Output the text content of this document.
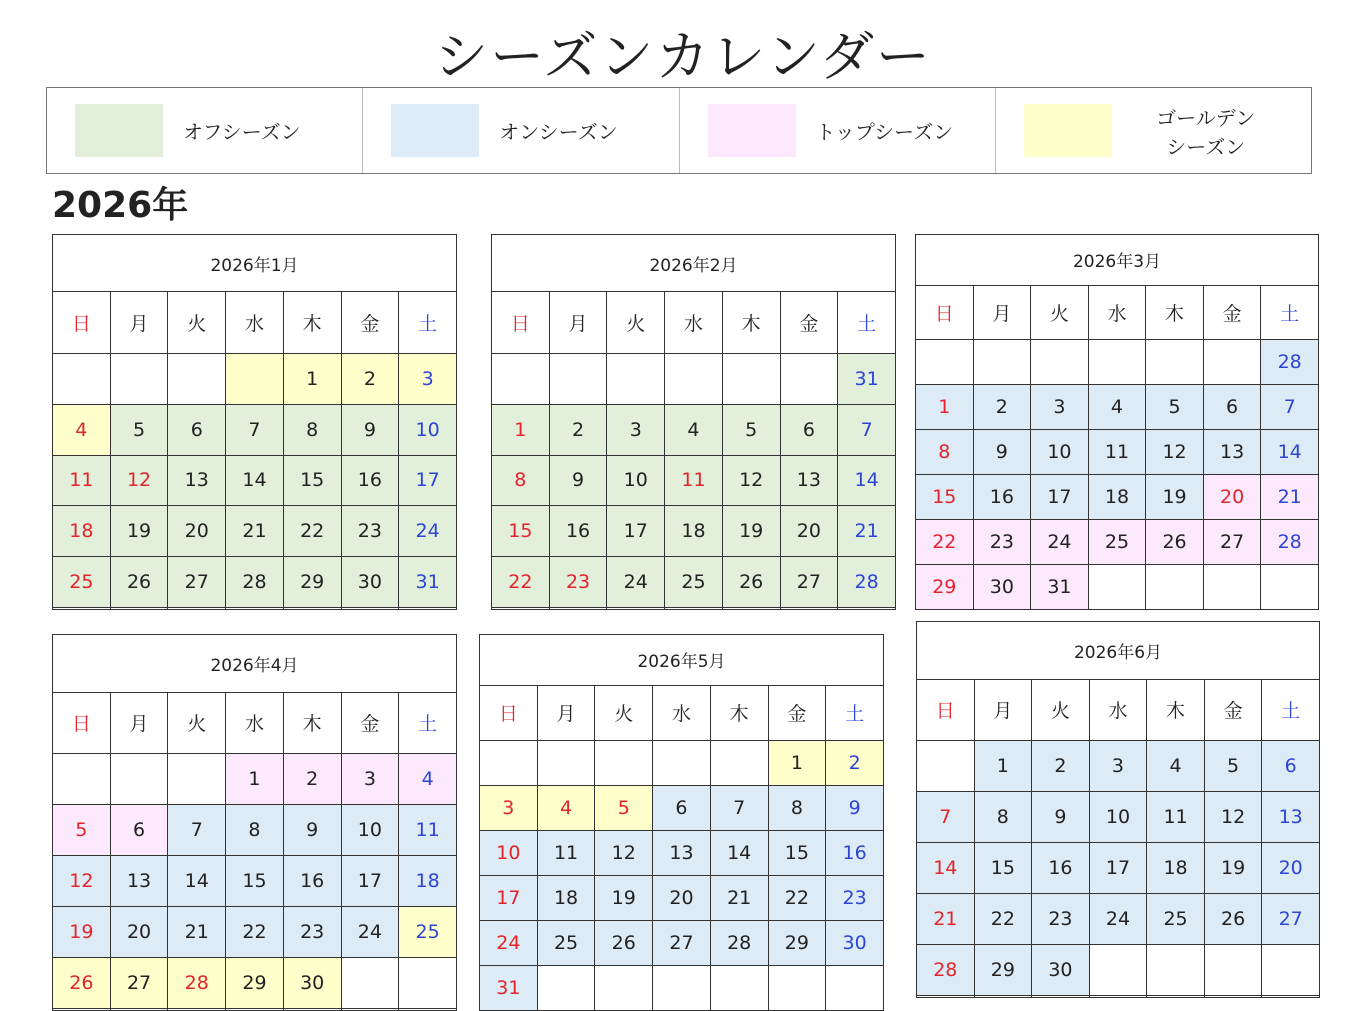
シーズンカレンダー
オフシーズン	オンシーズン	トップシーズン
ゴールデン
シーズン
2026年
2026年1月						
日	月	火	水	木	金	土
				1	2	3
4	5	6	7	8	9	10
11	12	13	14	15	16	17
18	19	20	21	22	23	24
25	26	27	28	29	30	31

2026年2月						
日	月	火	水	木	金	土
						31
1	2	3	4	5	6	7
8	9	10	11	12	13	14
15	16	17	18	19	20	21
22	23	24	25	26	27	28

2026年3月						
日	月	火	水	木	金	土
						28
1	2	3	4	5	6	7
8	9	10	11	12	13	14
15	16	17	18	19	20	21
22	23	24	25	26	27	28
29	30	31				
2026年4月						
日	月	火	水	木	金	土
			1	2	3	4
5	6	7	8	9	10	11
12	13	14	15	16	17	18
19	20	21	22	23	24	25
26	27	28	29	30		

2026年5月						
日	月	火	水	木	金	土
					1	2
3	4	5	6	7	8	9
10	11	12	13	14	15	16
17	18	19	20	21	22	23
24	25	26	27	28	29	30
31						
2026年6月						
日	月	火	水	木	金	土
	1	2	3	4	5	6
7	8	9	10	11	12	13
14	15	16	17	18	19	20
21	22	23	24	25	26	27
28	29	30				
